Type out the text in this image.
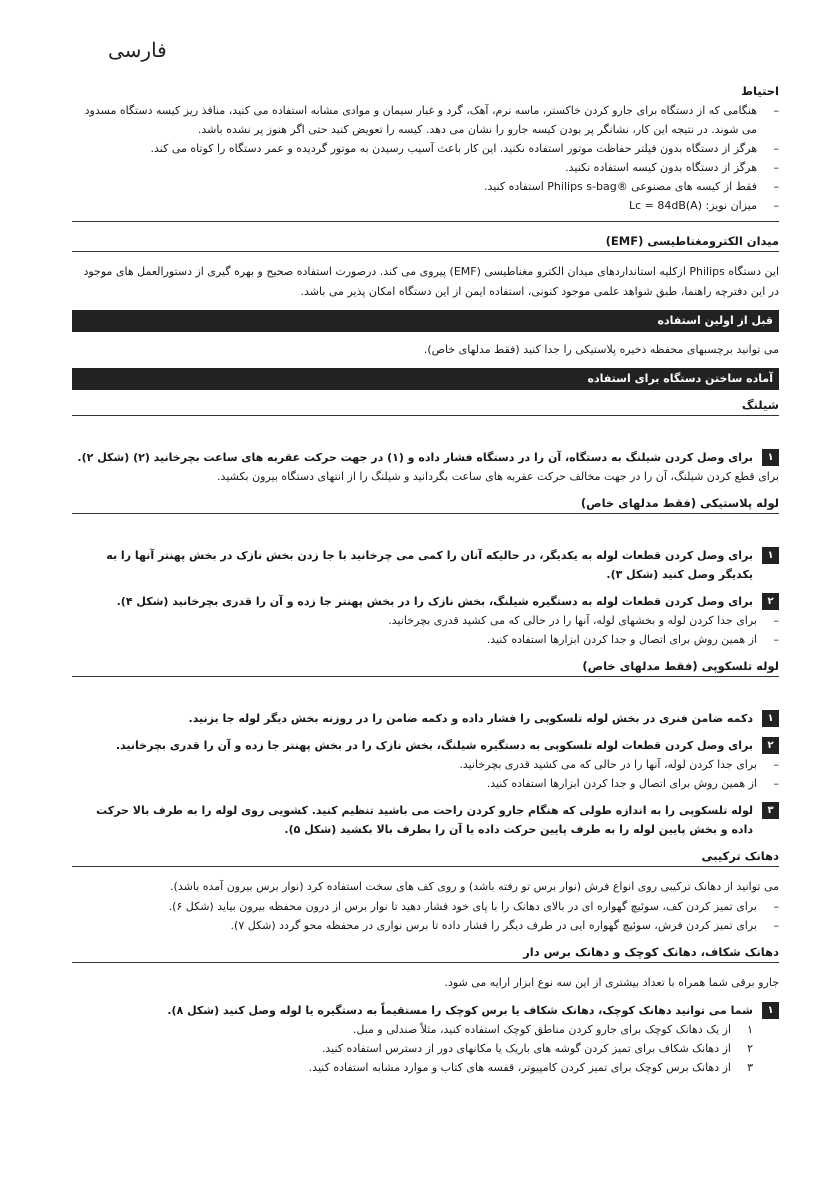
فارسی
احتیاط
– هنگامی که از دستگاه برای جارو کردن خاکستر، ماسه نرم، آهک، گرد و غبار سیمان و موادی مشابه استفاده می کنید، منافذ ریز کیسه دستگاه مسدود می شوند. در نتیجه این کار، نشانگر پر بودن کیسه جارو را نشان می دهد. کیسه را تعویض کنید حتی اگر هنوز پر نشده باشد.
– هرگز از دستگاه بدون فیلتر حفاظت موتور استفاده نکنید. این کار باعث آسیب رسیدن به موتور گردیده و عمر دستگاه را کوتاه می کند.
– هرگز از دستگاه بدون کیسه استفاده نکنید.
– فقط از کیسه های مصنوعی ®Philips s-bag استفاده کنید.
– میزان نویز: Lc = 84dB(A)
میدان الکترومغناطیسی (EMF)
این دستگاه Philips ازکلیه استانداردهای میدان الکترو مغناطیسی (EMF) پیروی می کند. درصورت استفاده صحیح و بهره گیری از دستورالعمل های موجود در این دفترچه راهنما، طبق شواهد علمی موجود کنونی، استفاده ایمن از این دستگاه امکان پذیر می باشد.
قبل از اولین استفاده
می توانید برچسبهای محفظه ذخیره پلاستیکی را جدا کنید (فقط مدلهای خاص).
آماده ساختن دستگاه برای استفاده
شیلنگ
۱
برای وصل کردن شیلنگ به دستگاه، آن را در دستگاه فشار داده و (۱) در جهت حرکت عقربه های ساعت بچرخانید (۲) (شکل ۲).
برای قطع کردن شیلنگ، آن را در جهت مخالف حرکت عقربه های ساعت بگردانید و شیلنگ را از انتهای دستگاه بیرون بکشید.
لوله پلاستیکی (فقط مدلهای خاص)
۱
برای وصل کردن قطعات لوله به یکدیگر، در حالیکه آنان را کمی می چرخانید با جا زدن بخش نازک در بخش پهنتر آنها را به یکدیگر وصل کنید (شکل ۳).
۲
برای وصل کردن قطعات لوله به دستگیره شیلنگ، بخش نازک را در بخش پهنتر جا زده و آن را قدری بچرخانید (شکل ۴).
– برای جدا کردن لوله و بخشهای لوله، آنها را در حالی که می کشید قدری بچرخانید.
– از همین روش برای اتصال و جدا کردن ابزارها استفاده کنید.
لوله تلسکوپی (فقط مدلهای خاص)
۱
دکمه ضامن فنری در بخش لوله تلسکوپی را فشار داده و دکمه ضامن را در روزنه بخش دیگر لوله جا بزنید.
۲
برای وصل کردن قطعات لوله تلسکوپی به دستگیره شیلنگ، بخش نازک را در بخش پهنتر جا زده و آن را قدری بچرخانید.
– برای جدا کردن لوله، آنها را در حالی که می کشید قدری بچرخانید.
– از همین روش برای اتصال و جدا کردن ابزارها استفاده کنید.
۳
لوله تلسکوپی را به اندازه طولی که هنگام جارو کردن راحت می باشید تنظیم کنید. کشویی روی لوله را به طرف بالا حرکت داده و بخش پایین لوله را به طرف پایین حرکت داده یا آن را بطرف بالا بکشید (شکل ۵).
دهانک ترکیبی
می توانید از دهانک ترکیبی روی انواع فرش (نوار برس تو رفته باشد) و روی کف های سخت استفاده کرد (نوار برس بیرون آمده باشد).
– برای تمیز کردن کف، سوئیچ گهواره ای در بالای دهانک را با پای خود فشار دهید تا نوار برس از درون محفظه بیرون بیاید (شکل ۶).
– برای تمیز کردن فرش، سوئیچ گهواره ایی در طرف دیگر را فشار داده تا برس نواری در محفظه محو گردد (شکل ۷).
دهانک شکاف، دهانک کوچک و دهانک برس دار
جارو برقی شما همراه با تعداد بیشتری از این سه نوع ابزار ارایه می شود.
۱
شما می توانید دهانک کوچک، دهانک شکاف یا برس کوچک را مستقیماً به دستگیره یا لوله وصل کنید (شکل ۸).
۱
از یک دهانک کوچک برای جارو کردن مناطق کوچک استفاده کنید، مثلاً صندلی و مبل.
۲
از دهانک شکاف برای تمیز کردن گوشه های باریک یا مکانهای دور از دسترس استفاده کنید.
۳
از دهانک برس کوچک برای تمیز کردن کامپیوتر، قفسه های کتاب و موارد مشابه استفاده کنید.
